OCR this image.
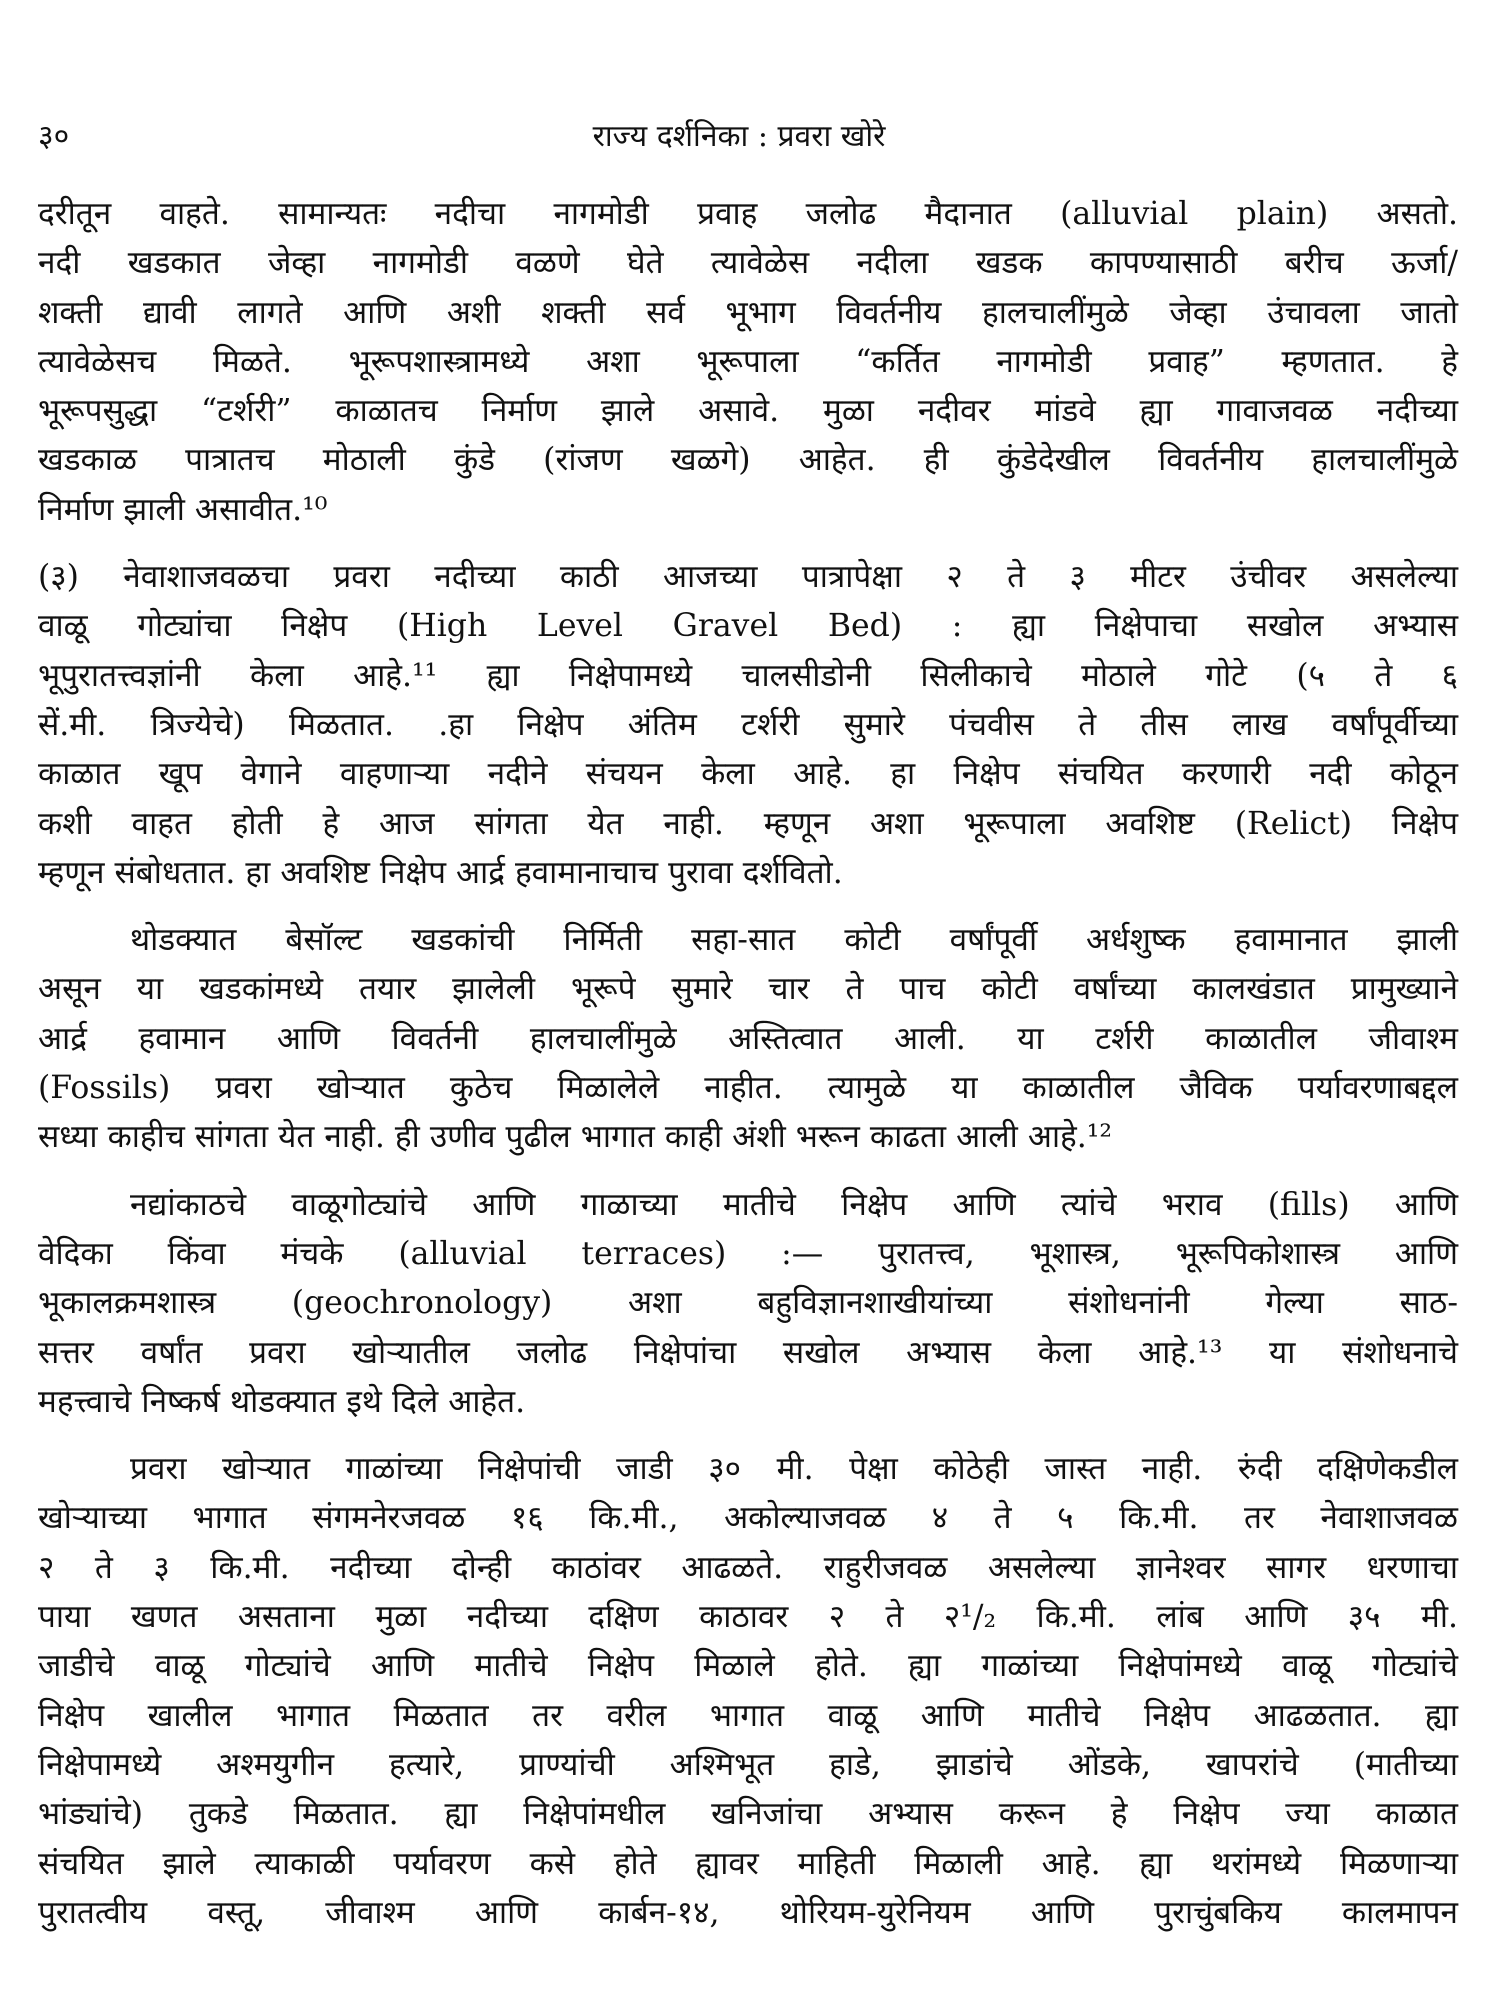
३०	राज्य दर्शनिका : प्रवरा खोरे

दरीतून वाहते. सामान्यतः नदीचा नागमोडी प्रवाह जलोढ मैदानात (alluvial plain) असतो.
नदी खडकात जेव्हा नागमोडी वळणे घेते त्यावेळेस नदीला खडक कापण्यासाठी बरीच ऊर्जा/
शक्ती द्यावी लागते आणि अशी शक्ती सर्व भूभाग विवर्तनीय हालचालींमुळे जेव्हा उंचावला जातो
त्यावेळेसच मिळते. भूरूपशास्त्रामध्ये अशा भूरूपाला “कर्तित नागमोडी प्रवाह” म्हणतात. हे
भूरूपसुद्धा “टर्शरी” काळातच निर्माण झाले असावे. मुळा नदीवर मांडवे ह्या गावाजवळ नदीच्या
खडकाळ पात्रातच मोठाली कुंडे (रांजण खळगे) आहेत. ही कुंडेदेखील विवर्तनीय हालचालींमुळे
निर्माण झाली असावीत.¹⁰

(३) नेवाशाजवळचा प्रवरा नदीच्या काठी आजच्या पात्रापेक्षा २ ते ३ मीटर उंचीवर असलेल्या
वाळू गोट्यांचा निक्षेप (High Level Gravel Bed) : ह्या निक्षेपाचा सखोल अभ्यास
भूपुरातत्त्वज्ञांनी केला आहे.¹¹ ह्या निक्षेपामध्ये चालसीडोनी सिलीकाचे मोठाले गोटे (५ ते ६
सें.मी. त्रिज्येचे) मिळतात. .हा निक्षेप अंतिम टर्शरी सुमारे पंचवीस ते तीस लाख वर्षांपूर्वीच्या
काळात खूप वेगाने वाहणाऱ्या नदीने संचयन केला आहे. हा निक्षेप संचयित करणारी नदी कोठून
कशी वाहत होती हे आज सांगता येत नाही. म्हणून अशा भूरूपाला अवशिष्ट (Relict) निक्षेप
म्हणून संबोधतात. हा अवशिष्ट निक्षेप आर्द्र हवामानाचाच पुरावा दर्शवितो.

थोडक्यात बेसॉल्ट खडकांची निर्मिती सहा-सात कोटी वर्षांपूर्वी अर्धशुष्क हवामानात झाली
असून या खडकांमध्ये तयार झालेली भूरूपे सुमारे चार ते पाच कोटी वर्षांच्या कालखंडात प्रामुख्याने
आर्द्र हवामान आणि विवर्तनी हालचालींमुळे अस्तित्वात आली. या टर्शरी काळातील जीवाश्म
(Fossils) प्रवरा खोऱ्यात कुठेच मिळालेले नाहीत. त्यामुळे या काळातील जैविक पर्यावरणाबद्दल
सध्या काहीच सांगता येत नाही. ही उणीव पुढील भागात काही अंशी भरून काढता आली आहे.¹²

नद्यांकाठचे वाळूगोट्यांचे आणि गाळाच्या मातीचे निक्षेप आणि त्यांचे भराव (fills) आणि
वेदिका किंवा मंचके (alluvial terraces) :— पुरातत्त्व, भूशास्त्र, भूरूपिकोशास्त्र आणि
भूकालक्रमशास्त्र (geochronology) अशा बहुविज्ञानशाखीयांच्या संशोधनांनी गेल्या साठ-
सत्तर वर्षांत प्रवरा खोऱ्यातील जलोढ निक्षेपांचा सखोल अभ्यास केला आहे.¹³ या संशोधनाचे
महत्त्वाचे निष्कर्ष थोडक्यात इथे दिले आहेत.

प्रवरा खोऱ्यात गाळांच्या निक्षेपांची जाडी ३० मी. पेक्षा कोठेही जास्त नाही. रुंदी दक्षिणेकडील
खोऱ्याच्या भागात संगमनेरजवळ १६ कि.मी., अकोल्याजवळ ४ ते ५ कि.मी. तर नेवाशाजवळ
२ ते ३ कि.मी. नदीच्या दोन्ही काठांवर आढळते. राहुरीजवळ असलेल्या ज्ञानेश्वर सागर धरणाचा
पाया खणत असताना मुळा नदीच्या दक्षिण काठावर २ ते २¹/₂ कि.मी. लांब आणि ३५ मी.
जाडीचे वाळू गोट्यांचे आणि मातीचे निक्षेप मिळाले होते. ह्या गाळांच्या निक्षेपांमध्ये वाळू गोट्यांचे
निक्षेप खालील भागात मिळतात तर वरील भागात वाळू आणि मातीचे निक्षेप आढळतात. ह्या
निक्षेपामध्ये अश्मयुगीन हत्यारे, प्राण्यांची अश्मिभूत हाडे, झाडांचे ओंडके, खापरांचे (मातीच्या
भांड्यांचे) तुकडे मिळतात. ह्या निक्षेपांमधील खनिजांचा अभ्यास करून हे निक्षेप ज्या काळात
संचयित झाले त्याकाळी पर्यावरण कसे होते ह्यावर माहिती मिळाली आहे. ह्या थरांमध्ये मिळणाऱ्या
पुरातत्वीय वस्तू, जीवाश्म आणि कार्बन-१४, थोरियम-युरेनियम आणि पुराचुंबकिय कालमापन
